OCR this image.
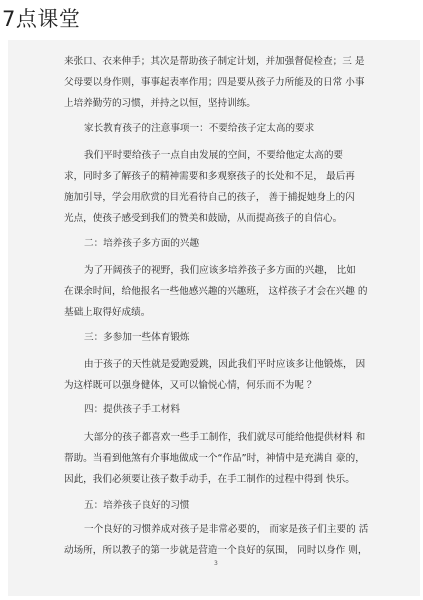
7点课堂
来张口、衣来伸手；其次是帮助孩子制定计划，并加强督促检查；三 是
父母要以身作则，事事起表率作用；四是要从孩子力所能及的日常 小事
上培养勤劳的习惯，并持之以恒，坚持训练。
家长教育孩子的注意事项一：不要给孩子定太高的要求
我们平时要给孩子一点自由发展的空间，不要给他定太高的要
求，同时多了解孩子的精神需要和多观察孩子的长处和不足， 最后再
施加引导，学会用欣赏的目光看待自己的孩子， 善于捕捉她身上的闪
光点，使孩子感受到我们的赞美和鼓励，从而提高孩子的自信心。
二：培养孩子多方面的兴趣
为了开阔孩子的视野，我们应该多培养孩子多方面的兴趣， 比如
在课余时间，给他报名一些他感兴趣的兴趣班， 这样孩子才会在兴趣 的
基础上取得好成绩。
三：多参加一些体育锻炼
由于孩子的天性就是爱跑爱跳，因此我们平时应该多让他锻炼， 因
为这样既可以强身健体，又可以愉悦心情，何乐而不为呢 ？
四：提供孩子手工材料
大部分的孩子都喜欢一些手工制作，我们就尽可能给他提供材料 和
帮助。当看到他煞有介事地做成一个“作品”时，神情中是充满自 豪的，
因此，我们必须要让孩子数手动手，在手工制作的过程中得到 快乐。
五：培养孩子良好的习惯
一个良好的习惯养成对孩子是非常必要的， 而家是孩子们主要的 活
动场所，所以教子的第一步就是营造一个良好的氛围， 同时以身作 则，
3
